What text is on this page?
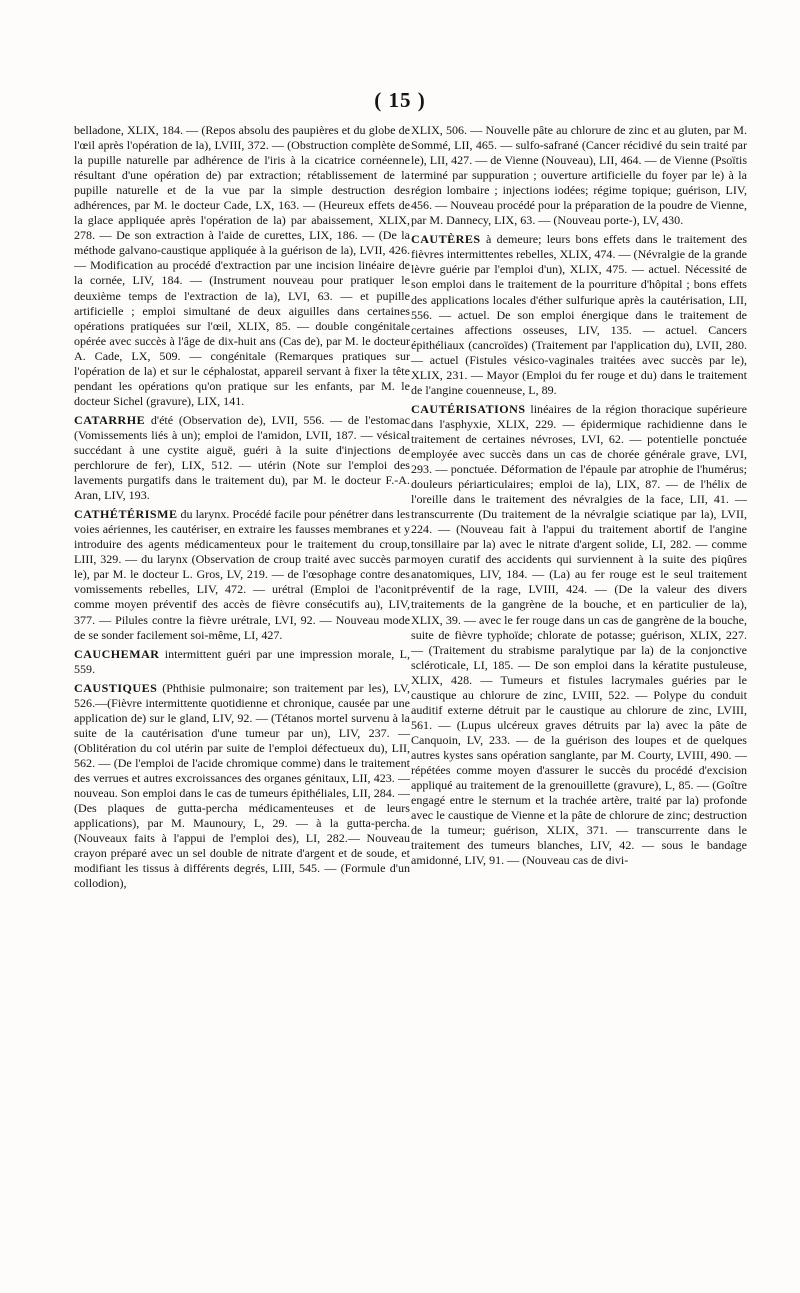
( 15 )

belladone, XLIX, 184. — (Repos absolu des paupières et du globe de l'œil après l'opération de la), LVIII, 372. — (Obstruction complète de la pupille naturelle par adhérence de l'iris à la cicatrice cornéenne résultant d'une opération de) par extraction; rétablissement de la pupille naturelle et de la vue par la simple destruction des adhérences, par M. le docteur Cade, LX, 163. — (Heureux effets de la glace appliquée après l'opération de la) par abaissement, XLIX, 278. — De son extraction à l'aide de curettes, LIX, 186. — (De la méthode galvano-caustique appliquée à la guérison de la), LVII, 426. — Modification au procédé d'extraction par une incision linéaire de la cornée, LIV, 184. — (Instrument nouveau pour pratiquer le deuxième temps de l'extraction de la), LVI, 63. — et pupille artificielle ; emploi simultané de deux aiguilles dans certaines opérations pratiquées sur l'œil, XLIX, 85. — double congénitale opérée avec succès à l'âge de dix-huit ans (Cas de), par M. le docteur A. Cade, LX, 509. — congénitale (Remarques pratiques sur l'opération de la) et sur le céphalostat, appareil servant à fixer la tête pendant les opérations qu'on pratique sur les enfants, par M. le docteur Sichel (gravure), LIX, 141.

CATARRHE d'été (Observation de), LVII, 556. — de l'estomac (Vomissements liés à un); emploi de l'amidon, LVII, 187. — vésical succédant à une cystite aiguë, guéri à la suite d'injections de perchlorure de fer), LIX, 512. — utérin (Note sur l'emploi des lavements purgatifs dans le traitement du), par M. le docteur F.-A. Aran, LIV, 193.

CATHÉTÉRISME du larynx. Procédé facile pour pénétrer dans les voies aériennes, les cautériser, en extraire les fausses membranes et y introduire des agents médicamenteux pour le traitement du croup, LIII, 329. — du larynx (Observation de croup traité avec succès par le), par M. le docteur L. Gros, LV, 219. — de l'œsophage contre des vomissements rebelles, LIV, 472. — urétral (Emploi de l'aconit comme moyen préventif des accès de fièvre consécutifs au), LIV, 377. — Pilules contre la fièvre urétrale, LVI, 92. — Nouveau mode de se sonder facilement soi-même, LI, 427.

CAUCHEMAR intermittent guéri par une impression morale, L, 559.

CAUSTIQUES (Phthisie pulmonaire; son traitement par les), LV, 526.—(Fièvre intermittente quotidienne et chronique, causée par une application de) sur le gland, LIV, 92. — (Tétanos mortel survenu à la suite de la cautérisation d'une tumeur par un), LIV, 237. — (Oblitération du col utérin par suite de l'emploi défectueux du), LII, 562. — (De l'emploi de l'acide chromique comme) dans le traitement des verrues et autres excroissances des organes génitaux, LII, 423. — nouveau. Son emploi dans le cas de tumeurs épithéliales, LII, 284. — (Des plaques de gutta-percha médicamenteuses et de leurs applications), par M. Maunoury, L, 29. — à la gutta-percha. (Nouveaux faits à l'appui de l'emploi des), LI, 282.— Nouveau crayon préparé avec un sel double de nitrate d'argent et de soude, et modifiant les tissus à différents degrés, LIII, 545. — (Formule d'un collodion),

XLIX, 506. — Nouvelle pâte au chlorure de zinc et au gluten, par M. Sommé, LII, 465. — sulfo-safrané (Cancer récidivé du sein traité par le), LII, 427. — de Vienne (Nouveau), LII, 464. — de Vienne (Psoïtis terminé par suppuration ; ouverture artificielle du foyer par le) à la région lombaire ; injections iodées; régime topique; guérison, LIV, 456. — Nouveau procédé pour la préparation de la poudre de Vienne, par M. Dannecy, LIX, 63. — (Nouveau porte-), LV, 430.

CAUTÈRES à demeure; leurs bons effets dans le traitement des fièvres intermittentes rebelles, XLIX, 474. — (Névralgie de la grande lèvre guérie par l'emploi d'un), XLIX, 475. — actuel. Nécessité de son emploi dans le traitement de la pourriture d'hôpital ; bons effets des applications locales d'éther sulfurique après la cautérisation, LII, 556. — actuel. De son emploi énergique dans le traitement de certaines affections osseuses, LIV, 135. — actuel. Cancers épithéliaux (cancroïdes) (Traitement par l'application du), LVII, 280. — actuel (Fistules vésico-vaginales traitées avec succès par le), XLIX, 231. — Mayor (Emploi du fer rouge et du) dans le traitement de l'angine couenneuse, L, 89.

CAUTÉRISATIONS linéaires de la région thoracique supérieure dans l'asphyxie, XLIX, 229. — épidermique rachidienne dans le traitement de certaines névroses, LVI, 62. — potentielle ponctuée employée avec succès dans un cas de chorée générale grave, LVI, 293. — ponctuée. Déformation de l'épaule par atrophie de l'humérus; douleurs périarticulaires; emploi de la), LIX, 87. — de l'hélix de l'oreille dans le traitement des névralgies de la face, LII, 41. — transcurrente (Du traitement de la névralgie sciatique par la), LVII, 224. — (Nouveau fait à l'appui du traitement abortif de l'angine tonsillaire par la) avec le nitrate d'argent solide, LI, 282. — comme moyen curatif des accidents qui surviennent à la suite des piqûres anatomiques, LIV, 184. — (La) au fer rouge est le seul traitement préventif de la rage, LVIII, 424. — (De la valeur des divers traitements de la gangrène de la bouche, et en particulier de la), XLIX, 39. — avec le fer rouge dans un cas de gangrène de la bouche, suite de fièvre typhoïde; chlorate de potasse; guérison, XLIX, 227. — (Traitement du strabisme paralytique par la) de la conjonctive scléroticale, LI, 185. — De son emploi dans la kératite pustuleuse, XLIX, 428. — Tumeurs et fistules lacrymales guéries par le caustique au chlorure de zinc, LVIII, 522. — Polype du conduit auditif externe détruit par le caustique au chlorure de zinc, LVIII, 561. — (Lupus ulcéreux graves détruits par la) avec la pâte de Canquoin, LV, 233. — de la guérison des loupes et de quelques autres kystes sans opération sanglante, par M. Courty, LVIII, 490. — répétées comme moyen d'assurer le succès du procédé d'excision appliqué au traitement de la grenouillette (gravure), L, 85. — (Goître engagé entre le sternum et la trachée artère, traité par la) profonde avec le caustique de Vienne et la pâte de chlorure de zinc; destruction de la tumeur; guérison, XLIX, 371. — transcurrente dans le traitement des tumeurs blanches, LIV, 42. — sous le bandage amidonné, LIV, 91. — (Nouveau cas de divi-
